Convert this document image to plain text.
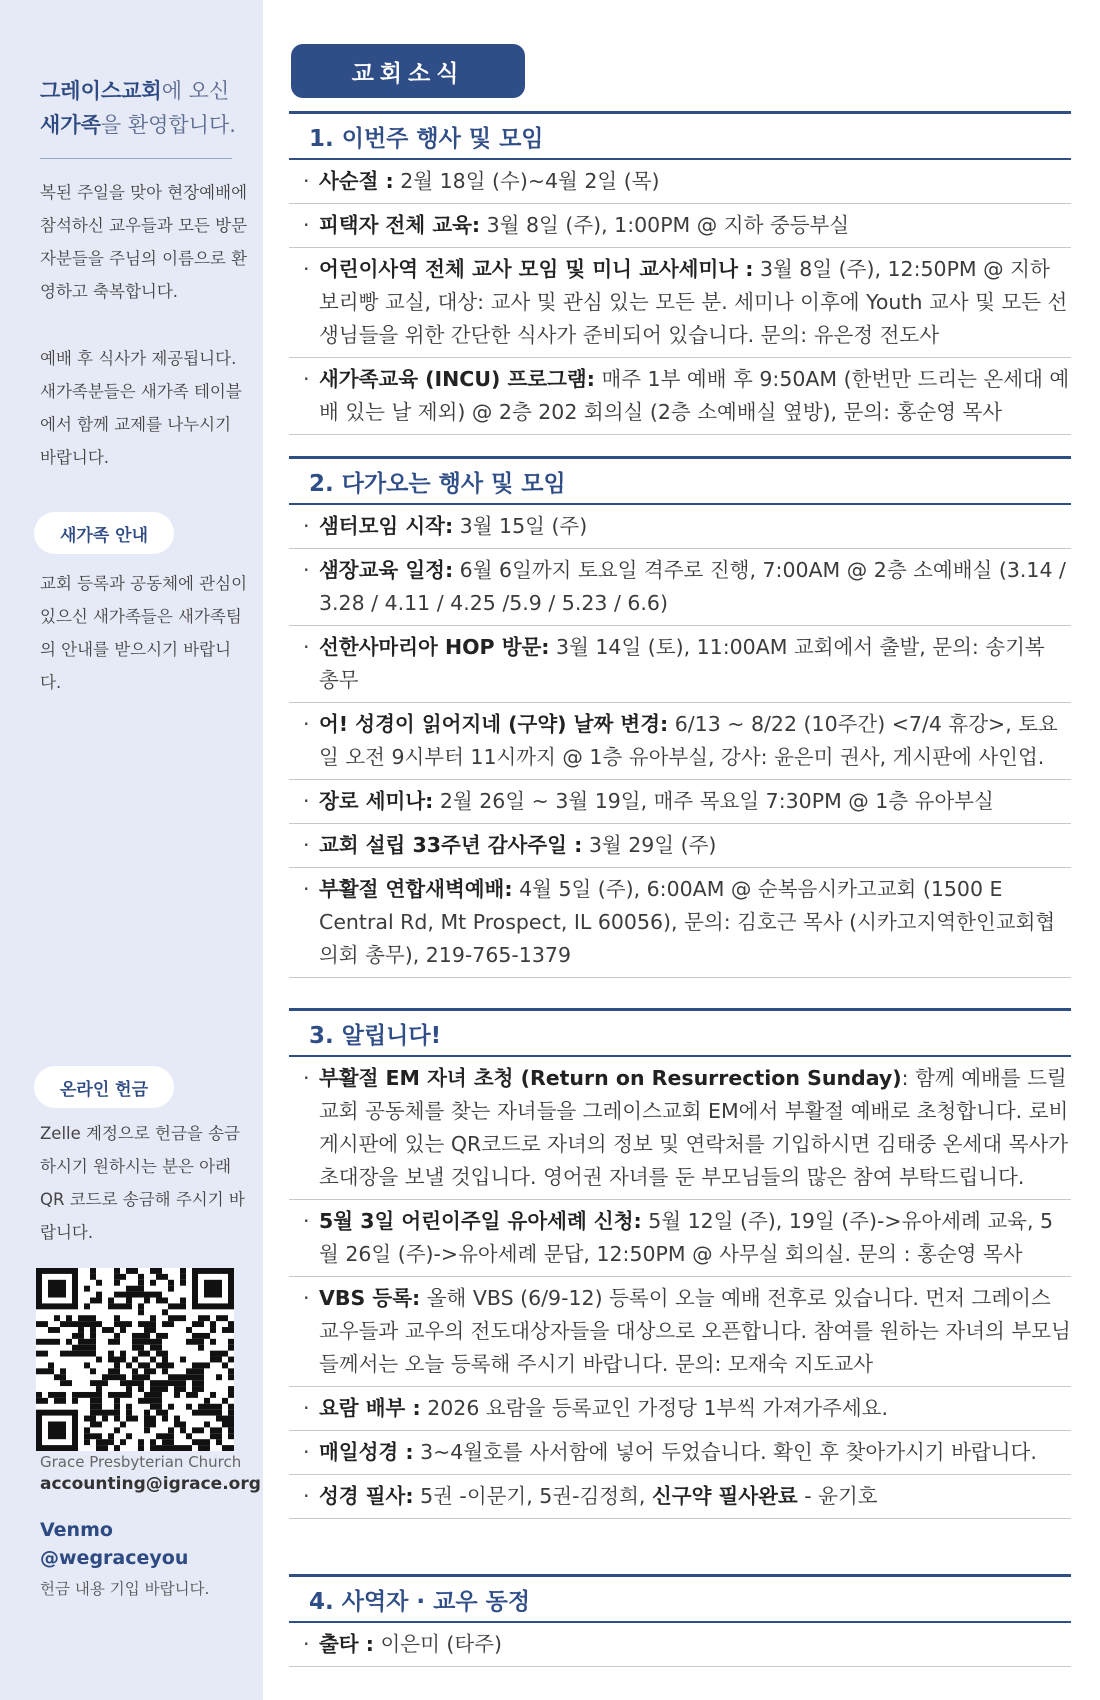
그레이스교회에 오신
새가족을 환영합니다.
복된 주일을 맞아 현장예배에 참석하신 교우들과 모든 방문자분들을 주님의 이름으로 환영하고 축복합니다.
예배 후 식사가 제공됩니다. 새가족분들은 새가족 테이블에서 함께 교제를 나누시기 바랍니다.
새가족 안내
교회 등록과 공동체에 관심이 있으신 새가족들은 새가족팀의 안내를 받으시기 바랍니다.
온라인 헌금
Zelle 계정으로 헌금을 송금하시기 원하시는 분은 아래 QR 코드로 송금해 주시기 바랍니다.
Grace Presbyterian Church
accounting@igrace.org
Venmo
@wegraceyou
헌금 내용 기입 바랍니다.
교회소식
1. 이번주 행사 및 모임
· 사순절 : 2월 18일 (수)~4월 2일 (목)
· 피택자 전체 교육: 3월 8일 (주), 1:00PM @ 지하 중등부실
· 어린이사역 전체 교사 모임 및 미니 교사세미나 : 3월 8일 (주), 12:50PM @ 지하 보리빵 교실, 대상: 교사 및 관심 있는 모든 분. 세미나 이후에 Youth 교사 및 모든 선생님들을 위한 간단한 식사가 준비되어 있습니다. 문의: 유은정 전도사
· 새가족교육 (INCU) 프로그램: 매주 1부 예배 후 9:50AM (한번만 드리는 온세대 예배 있는 날 제외) @ 2층 202 회의실 (2층 소예배실 옆방), 문의: 홍순영 목사
2. 다가오는 행사 및 모임
· 샘터모임 시작: 3월 15일 (주)
· 샘장교육 일정: 6월 6일까지 토요일 격주로 진행, 7:00AM @ 2층 소예배실 (3.14 / 3.28 / 4.11 / 4.25 /5.9 / 5.23 / 6.6)
· 선한사마리아 HOP 방문: 3월 14일 (토), 11:00AM 교회에서 출발, 문의: 송기복 총무
· 어! 성경이 읽어지네 (구약) 날짜 변경: 6/13 ~ 8/22 (10주간) <7/4 휴강>, 토요일 오전 9시부터 11시까지 @ 1층 유아부실, 강사: 윤은미 권사, 게시판에 사인업.
· 장로 세미나: 2월 26일 ~ 3월 19일, 매주 목요일 7:30PM @ 1층 유아부실
· 교회 설립 33주년 감사주일 : 3월 29일 (주)
· 부활절 연합새벽예배: 4월 5일 (주), 6:00AM @ 순복음시카고교회 (1500 E Central Rd, Mt Prospect, IL 60056), 문의: 김호근 목사 (시카고지역한인교회협의회 총무), 219-765-1379
3. 알립니다!
· 부활절 EM 자녀 초청 (Return on Resurrection Sunday): 함께 예배를 드릴 교회 공동체를 찾는 자녀들을 그레이스교회 EM에서 부활절 예배로 초청합니다. 로비 게시판에 있는 QR코드로 자녀의 정보 및 연락처를 기입하시면 김태중 온세대 목사가 초대장을 보낼 것입니다. 영어권 자녀를 둔 부모님들의 많은 참여 부탁드립니다.
· 5월 3일 어린이주일 유아세례 신청: 5월 12일 (주), 19일 (주)->유아세례 교육, 5월 26일 (주)->유아세례 문답, 12:50PM @ 사무실 회의실. 문의 : 홍순영 목사
· VBS 등록: 올해 VBS (6/9-12) 등록이 오늘 예배 전후로 있습니다. 먼저 그레이스 교우들과 교우의 전도대상자들을 대상으로 오픈합니다. 참여를 원하는 자녀의 부모님들께서는 오늘 등록해 주시기 바랍니다. 문의: 모재숙 지도교사
· 요람 배부 : 2026 요람을 등록교인 가정당 1부씩 가져가주세요.
· 매일성경 : 3~4월호를 사서함에 넣어 두었습니다. 확인 후 찾아가시기 바랍니다.
· 성경 필사: 5권 -이문기, 5권-김정희, 신구약 필사완료 - 윤기호
4. 사역자 · 교우 동정
· 출타 : 이은미 (타주)
